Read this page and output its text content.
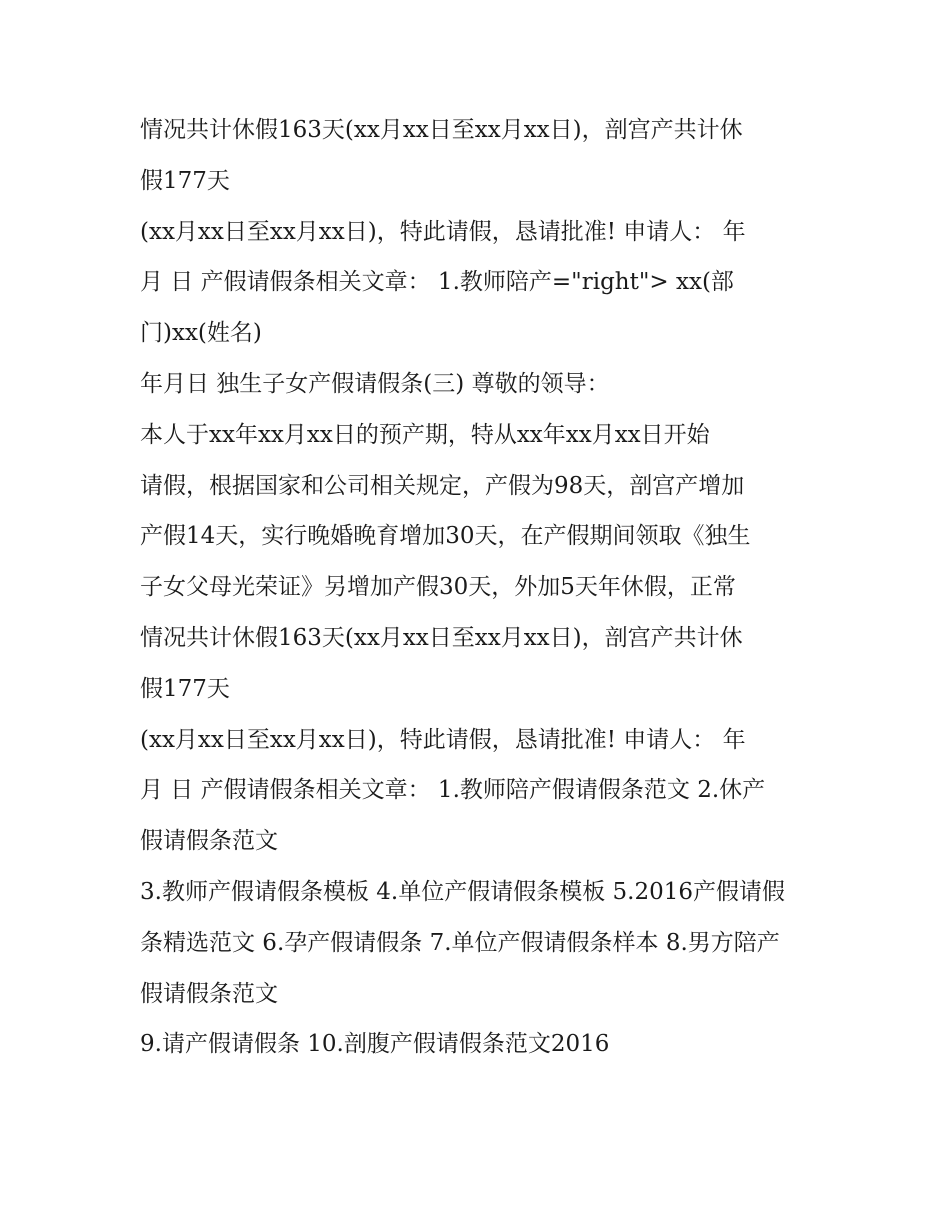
情况共计休假163天(xx月xx日至xx月xx日)，剖宫产共计休
假177天
(xx月xx日至xx月xx日)，特此请假，恳请批准! 申请人： 年
月 日 产假请假条相关文章： 1.教师陪产="right"> xx(部
门)xx(姓名)
年月日 独生子女产假请假条(三) 尊敬的领导：
本人于xx年xx月xx日的预产期，特从xx年xx月xx日开始
请假，根据国家和公司相关规定，产假为98天，剖宫产增加
产假14天，实行晚婚晚育增加30天，在产假期间领取《独生
子女父母光荣证》另增加产假30天，外加5天年休假，正常
情况共计休假163天(xx月xx日至xx月xx日)，剖宫产共计休
假177天
(xx月xx日至xx月xx日)，特此请假，恳请批准! 申请人： 年
月 日 产假请假条相关文章： 1.教师陪产假请假条范文 2.休产
假请假条范文
3.教师产假请假条模板 4.单位产假请假条模板 5.2016产假请假
条精选范文 6.孕产假请假条 7.单位产假请假条样本 8.男方陪产
假请假条范文
9.请产假请假条 10.剖腹产假请假条范文2016
